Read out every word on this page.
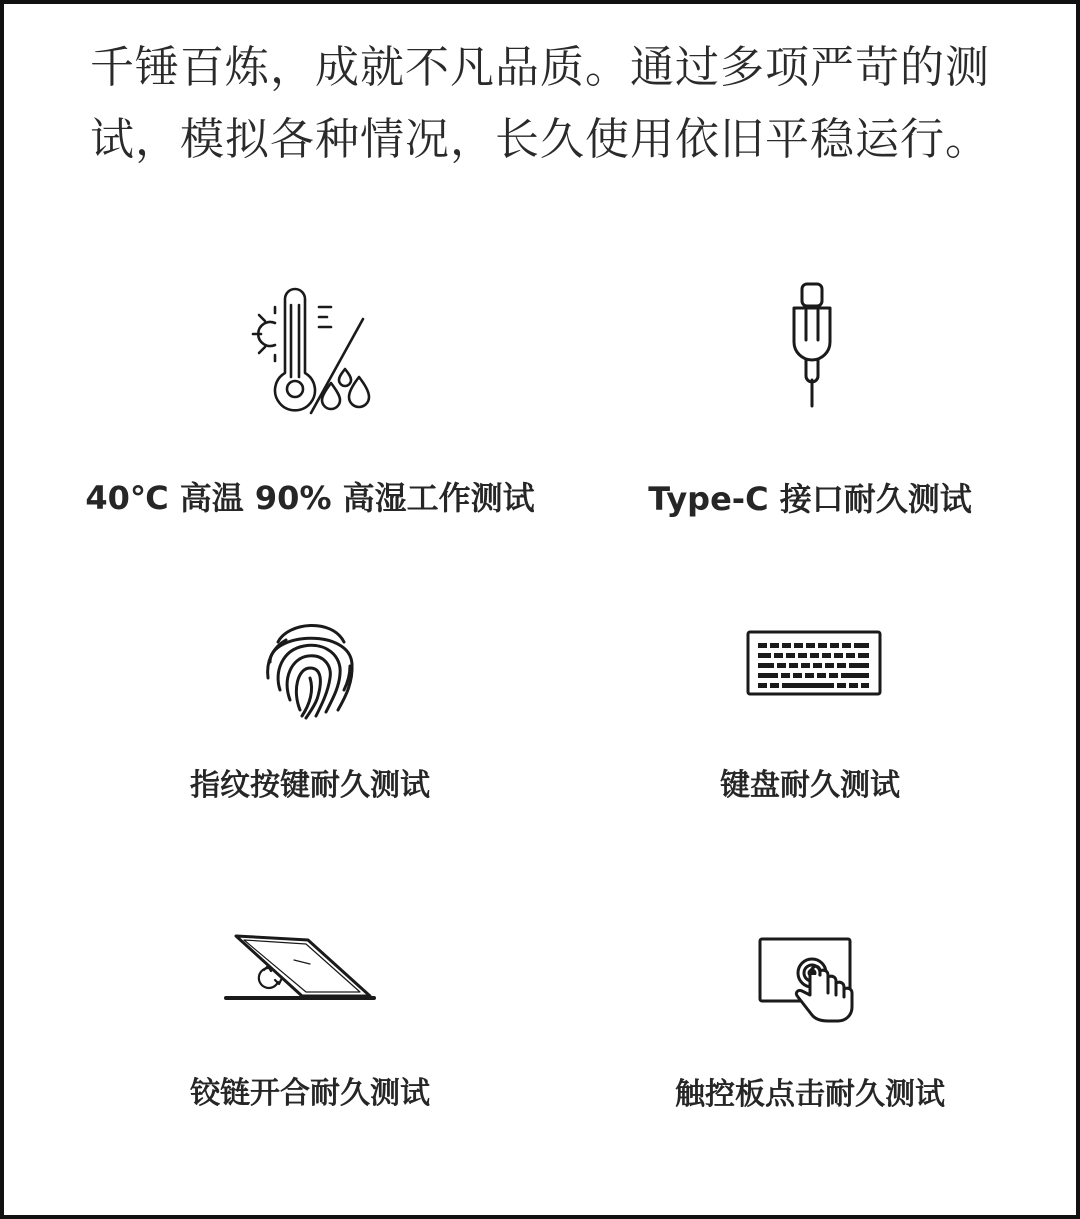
千锤百炼，成就不凡品质。通过多项严苛的测
试，模拟各种情况，长久使用依旧平稳运行。

40℃ 高温 90% 高湿工作测试	Type-C 接口耐久测试
指纹按键耐久测试	键盘耐久测试
铰链开合耐久测试	触控板点击耐久测试
